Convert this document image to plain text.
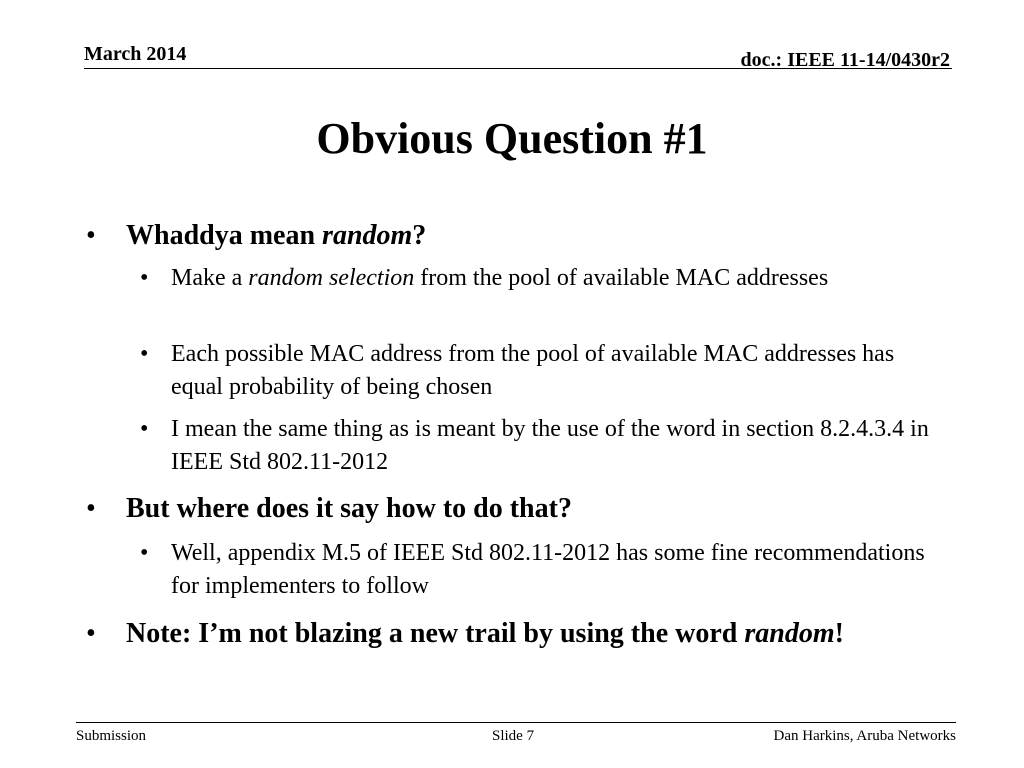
March 2014	doc.: IEEE 11-14/0430r2
Obvious Question #1
• Whaddya mean random?
• Make a random selection from the pool of available MAC addresses
• Each possible MAC address from the pool of available MAC addresses has equal probability of being chosen
• I mean the same thing as is meant by the use of the word in section 8.2.4.3.4 in IEEE Std 802.11-2012
• But where does it say how to do that?
• Well, appendix M.5 of IEEE Std 802.11-2012 has some fine recommendations for implementers to follow
• Note: I’m not blazing a new trail by using the word random!
Submission	Slide 7	Dan Harkins, Aruba Networks
